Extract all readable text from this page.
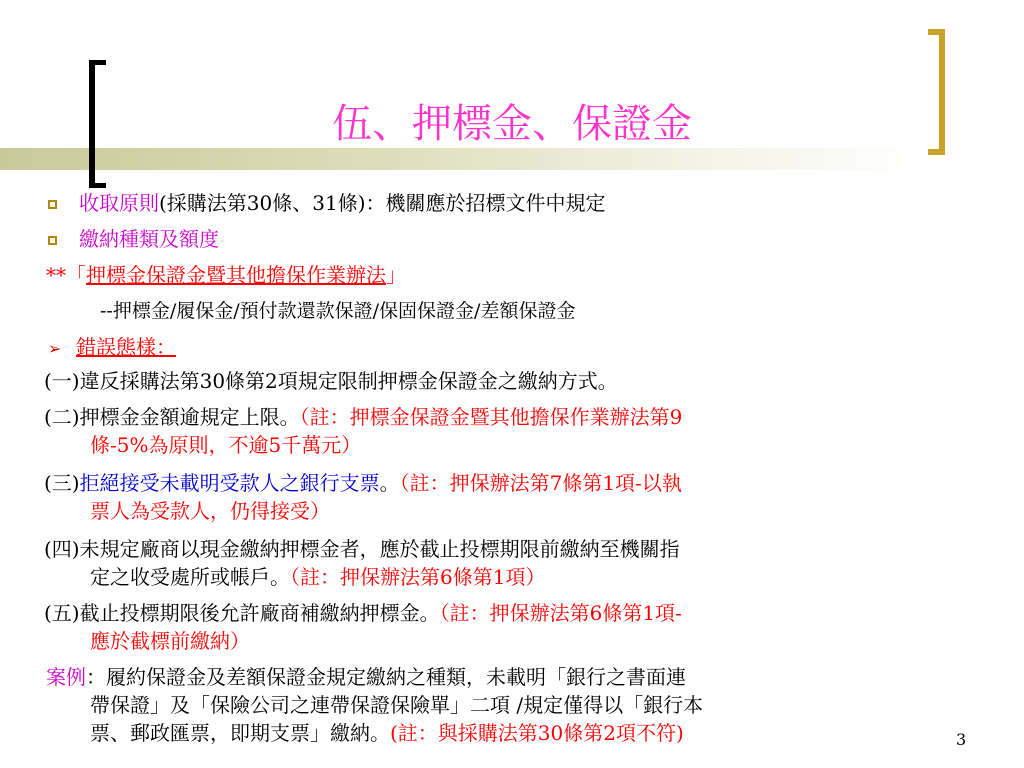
伍、押標金、保證金
收取原則(採購法第30條、31條)：機關應於招標文件中規定
繳納種類及額度
**「押標金保證金暨其他擔保作業辦法」
--押標金/履保金/預付款還款保證/保固保證金/差額保證金
➢ 錯誤態樣：
(一)違反採購法第30條第2項規定限制押標金保證金之繳納方式。
(二)押標金金額逾規定上限。（註：押標金保證金暨其他擔保作業辦法第9
條-5%為原則，不逾5千萬元）
(三)拒絕接受未載明受款人之銀行支票。（註：押保辦法第7條第1項-以執
票人為受款人，仍得接受）
(四)未規定廠商以現金繳納押標金者，應於截止投標期限前繳納至機關指
定之收受處所或帳戶。（註：押保辦法第6條第1項）
(五)截止投標期限後允許廠商補繳納押標金。（註：押保辦法第6條第1項-
應於截標前繳納）
案例：履約保證金及差額保證金規定繳納之種類，未載明「銀行之書面連
帶保證」及「保險公司之連帶保證保險單」二項 /規定僅得以「銀行本
票、郵政匯票，即期支票」繳納。(註：與採購法第30條第2項不符)	3
